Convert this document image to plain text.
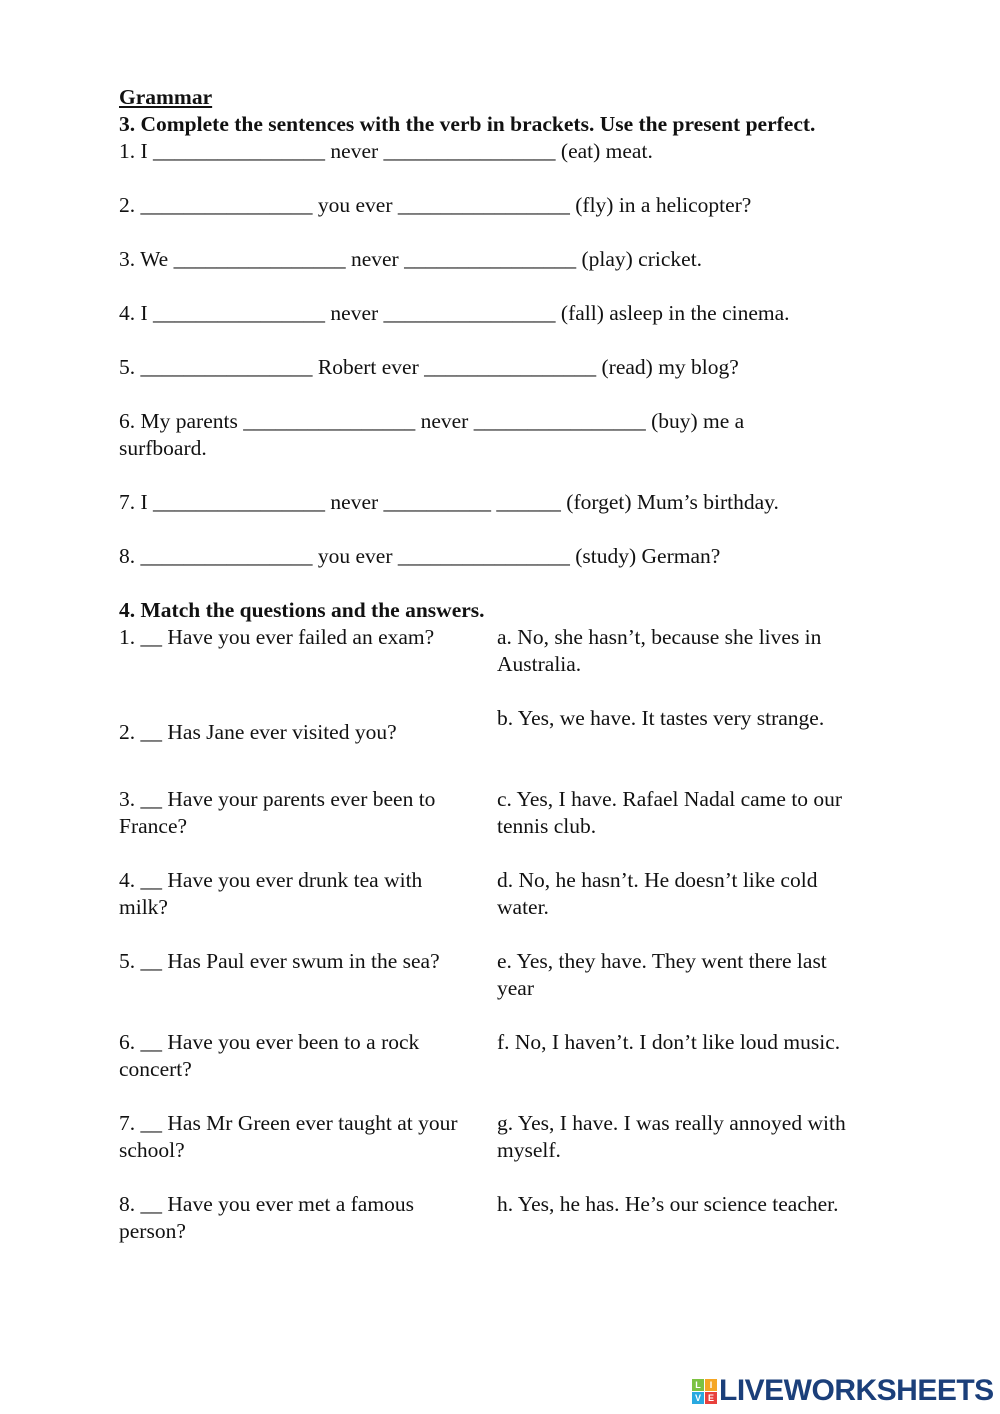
Grammar
3. Complete the sentences with the verb in brackets. Use the present perfect.
1. I ________________ never ________________ (eat) meat.
2. ________________ you ever ________________ (fly) in a helicopter?
3. We ________________ never ________________ (play) cricket.
4. I ________________ never ________________ (fall) asleep in the cinema.
5. ________________ Robert ever ________________ (read) my blog?
6. My parents ________________ never ________________ (buy) me a
surfboard.
7. I ________________ never __________ ______ (forget) Mum’s birthday.
8. ________________ you ever ________________ (study) German?
4. Match the questions and the answers.
1. __ Have you ever failed an exam?	a. No, she hasn’t, because she lives in Australia.
2. __ Has Jane ever visited you?
b. Yes, we have. It tastes very strange.
3. __ Have your parents ever been to France?
c. Yes, I have. Rafael Nadal came to our tennis club.
4. __ Have you ever drunk tea with milk?
d. No, he hasn’t. He doesn’t like cold water.
5. __ Has Paul ever swum in the sea?	e. Yes, they have. They went there last year
6. __ Have you ever been to a rock concert?
f. No, I haven’t. I don’t like loud music.
7. __ Has Mr Green ever taught at your school?
g. Yes, I have. I was really annoyed with myself.
8. __ Have you ever met a famous person?
h. Yes, he has. He’s our science teacher.
L I
V E LIVEWORKSHEETS
